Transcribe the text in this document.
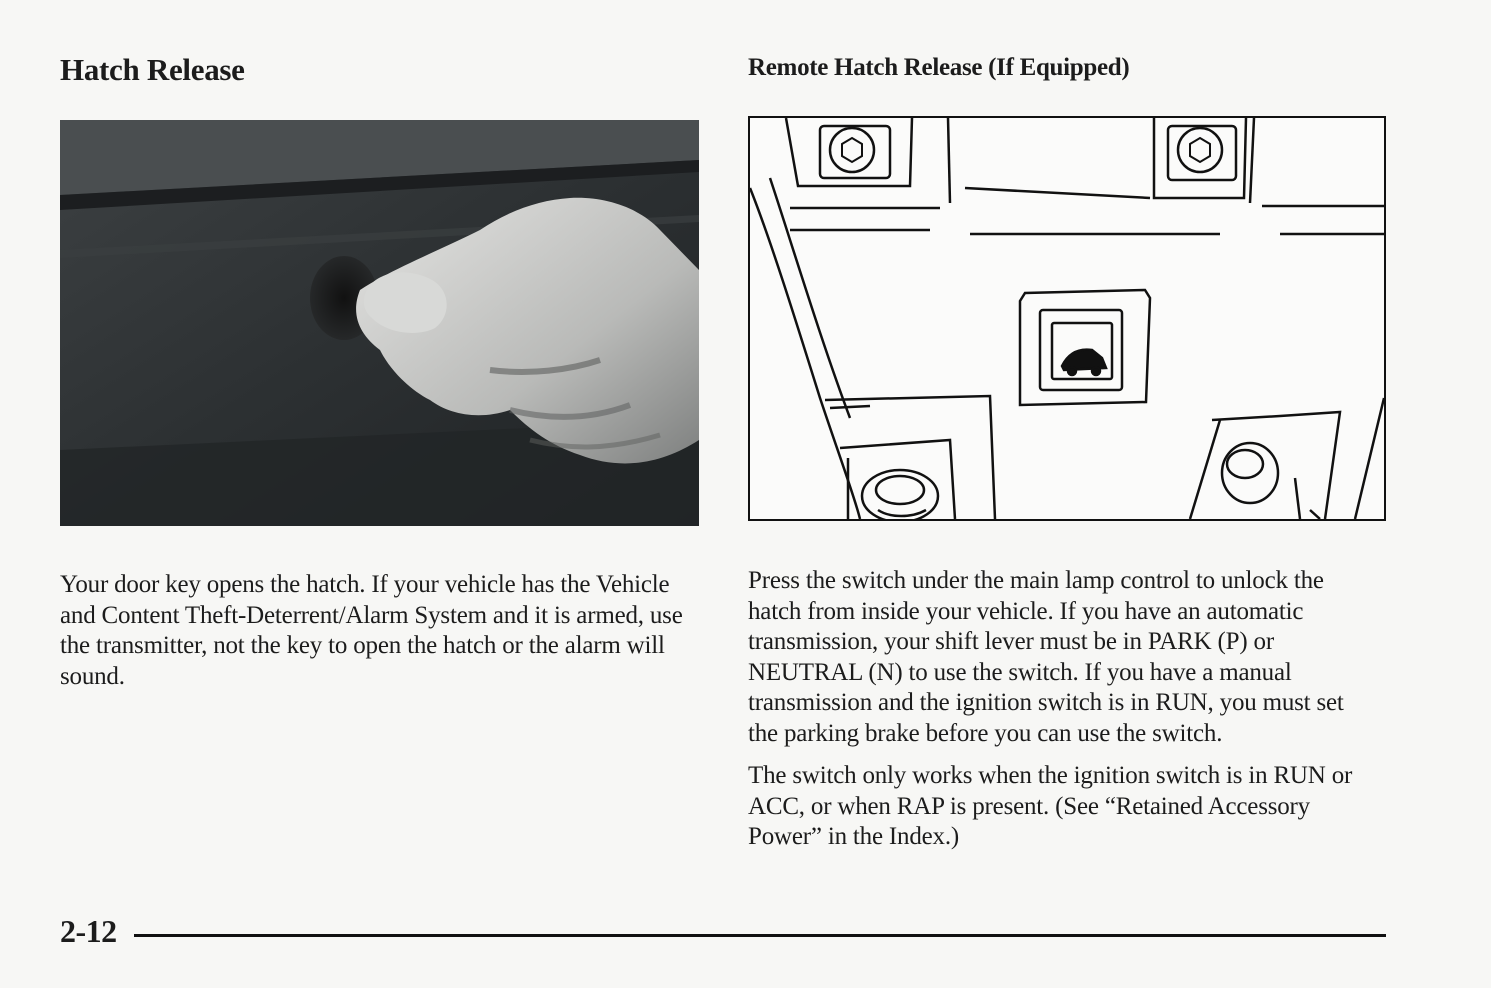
Hatch Release

Your door key opens the hatch. If your vehicle has the Vehicle and Content Theft-Deterrent/Alarm System and it is armed, use the transmitter, not the key to open the hatch or the alarm will sound.

Remote Hatch Release (If Equipped)

Press the switch under the main lamp control to unlock the hatch from inside your vehicle. If you have an automatic transmission, your shift lever must be in PARK (P) or NEUTRAL (N) to use the switch. If you have a manual transmission and the ignition switch is in RUN, you must set the parking brake before you can use the switch.

The switch only works when the ignition switch is in RUN or ACC, or when RAP is present. (See “Retained Accessory Power” in the Index.)

2-12
